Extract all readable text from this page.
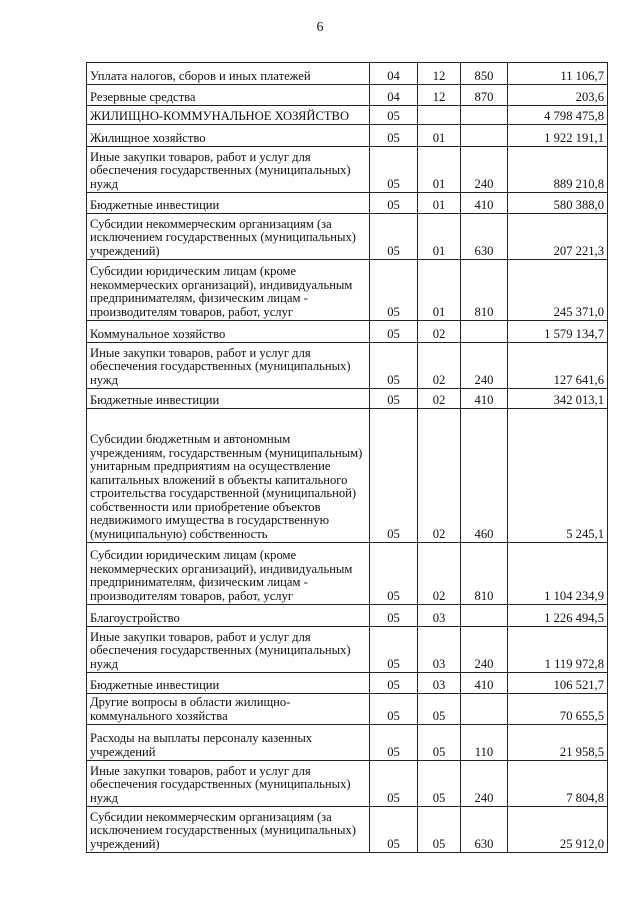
6
Уплата налогов, сборов и иных платежей	04	12	850	11 106,7
Резервные средства	04	12	870	203,6
ЖИЛИЩНО-КОММУНАЛЬНОЕ ХОЗЯЙСТВО	05			4 798 475,8
Жилищное хозяйство	05	01		1 922 191,1
Иные закупки товаров, работ и услуг для обеспечения государственных (муниципальных) нужд	05	01	240	889 210,8
Бюджетные инвестиции	05	01	410	580 388,0
Субсидии некоммерческим организациям (за исключением государственных (муниципальных) учреждений)	05	01	630	207 221,3
Субсидии юридическим лицам (кроме некоммерческих организаций), индивидуальным предпринимателям, физическим лицам - производителям товаров, работ, услуг	05	01	810	245 371,0
Коммунальное хозяйство	05	02		1 579 134,7
Иные закупки товаров, работ и услуг для обеспечения государственных (муниципальных) нужд	05	02	240	127 641,6
Бюджетные инвестиции	05	02	410	342 013,1
Субсидии бюджетным и автономным учреждениям, государственным (муниципальным) унитарным предприятиям на осуществление капитальных вложений в объекты капитального строительства государственной (муниципальной) собственности или приобретение объектов недвижимого имущества в государственную (муниципальную) собственность	05	02	460	5 245,1
Субсидии юридическим лицам (кроме некоммерческих организаций), индивидуальным предпринимателям, физическим лицам - производителям товаров, работ, услуг	05	02	810	1 104 234,9
Благоустройство	05	03		1 226 494,5
Иные закупки товаров, работ и услуг для обеспечения государственных (муниципальных) нужд	05	03	240	1 119 972,8
Бюджетные инвестиции	05	03	410	106 521,7
Другие вопросы в области жилищно-коммунального хозяйства	05	05		70 655,5
Расходы на выплаты персоналу казенных учреждений	05	05	110	21 958,5
Иные закупки товаров, работ и услуг для обеспечения государственных (муниципальных) нужд	05	05	240	7 804,8
Субсидии некоммерческим организациям (за исключением государственных (муниципальных) учреждений)	05	05	630	25 912,0
